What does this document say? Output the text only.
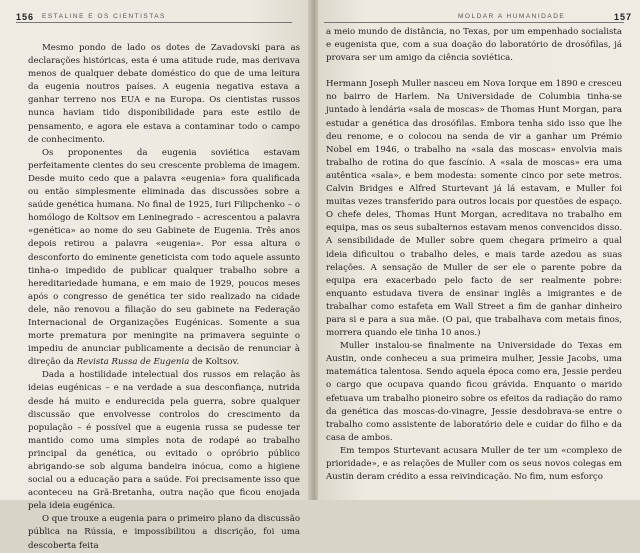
156 ESTALINE E OS CIENTISTAS

Mesmo pondo de lado os dotes de Zavadovski para as declarações históricas, esta é uma atitude rude, mas derivava menos de qualquer debate doméstico do que de uma leitura da eugenia noutros países. A eugenia negativa estava a ganhar terreno nos EUA e na Europa. Os cientistas russos nunca haviam tido disponibilidade para este estilo de pensamento, e agora ele estava a contaminar todo o campo de conhecimento.

Os proponentes da eugenia soviética estavam perfeitamente cientes do seu crescente problema de imagem. Desde muito cedo que a palavra «eugenia» fora qualificada ou então simplesmente eliminada das discussões sobre a saúde genética humana. No final de 1925, Iuri Filipchenko – o homólogo de Koltsov em Leninegrado – acrescentou a palavra «genética» ao nome do seu Gabinete de Eugenia. Três anos depois retirou a palavra «eugenia». Por essa altura o desconforto do eminente geneticista com todo aquele assunto tinha-o impedido de publicar qualquer trabalho sobre a hereditariedade humana, e em maio de 1929, poucos meses após o congresso de genética ter sido realizado na cidade dele, não renovou a filiação do seu gabinete na Federação Internacional de Organizações Eugénicas. Somente a sua morte prematura por meningite na primavera seguinte o impediu de anunciar publicamente a decisão de renunciar à direção da Revista Russa de Eugenia de Koltsov.

Dada a hostilidade intelectual dos russos em relação às ideias eugénicas – e na verdade a sua desconfiança, nutrida desde há muito e endurecida pela guerra, sobre qualquer discussão que envolvesse controlos do crescimento da população – é possível que a eugenia russa se pudesse ter mantido como uma simples nota de rodapé ao trabalho principal da genética, ou evitado o opróbrio público abrigando-se sob alguma bandeira inócua, como a higiene social ou a educação para a saúde. Foi precisamente isso que aconteceu na Grã-Bretanha, outra nação que ficou enojada pela ideia eugénica.

O que trouxe a eugenia para o primeiro plano da discussão pública na Rússia, e impossibilitou a discrição, foi uma descoberta feita

MOLDAR A HUMANIDADE	157

a meio mundo de distância, no Texas, por um empenhado socialista e eugenista que, com a sua doação do laboratório de drosófilas, já provara ser um amigo da ciência soviética.

Hermann Joseph Muller nasceu em Nova Iorque em 1890 e cresceu no bairro de Harlem. Na Universidade de Columbia tinha-se juntado à lendária «sala de moscas» de Thomas Hunt Morgan, para estudar a genética das drosófilas. Embora tenha sido isso que lhe deu renome, e o colocou na senda de vir a ganhar um Prémio Nobel em 1946, o trabalho na «sala das moscas» envolvia mais trabalho de rotina do que fascínio. A «sala de moscas» era uma autêntica «sala», e bem modesta: somente cinco por sete metros. Calvin Bridges e Alfred Sturtevant já lá estavam, e Muller foi muitas vezes transferido para outros locais por questões de espaço. O chefe deles, Thomas Hunt Morgan, acreditava no trabalho em equipa, mas os seus subalternos estavam menos convencidos disso. A sensibilidade de Muller sobre quem chegara primeiro a qual ideia dificultou o trabalho deles, e mais tarde azedou as suas relações. A sensação de Muller de ser ele o parente pobre da equipa era exacerbado pelo facto de ser realmente pobre: enquanto estudava tivera de ensinar inglês a imigrantes e de trabalhar como estafeta em Wall Street a fim de ganhar dinheiro para si e para a sua mãe. (O pai, que trabalhava com metais finos, morrera quando ele tinha 10 anos.)

Muller instalou-se finalmente na Universidade do Texas em Austin, onde conheceu a sua primeira mulher, Jessie Jacobs, uma matemática talentosa. Sendo aquela época como era, Jessie perdeu o cargo que ocupava quando ficou grávida. Enquanto o marido efetuava um trabalho pioneiro sobre os efeitos da radiação do ramo da genética das moscas-do-vinagre, Jessie desdobrava-se entre o trabalho como assistente de laboratório dele e cuidar do filho e da casa de ambos.

Em tempos Sturtevant acusara Muller de ter um «complexo de prioridade», e as relações de Muller com os seus novos colegas em Austin deram crédito a essa reivindicação. No fim, num esforço
